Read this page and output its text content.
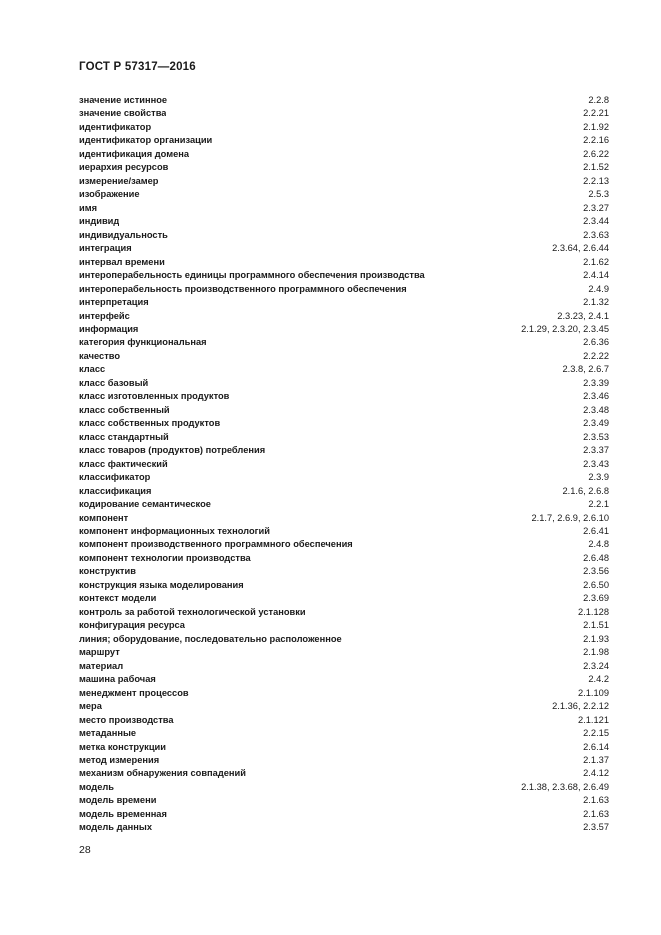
ГОСТ Р 57317—2016
значение истинное	2.2.8
значение свойства	2.2.21
идентификатор	2.1.92
идентификатор организации	2.2.16
идентификация домена	2.6.22
иерархия ресурсов	2.1.52
измерение/замер	2.2.13
изображение	2.5.3
имя	2.3.27
индивид	2.3.44
индивидуальность	2.3.63
интеграция	2.3.64, 2.6.44
интервал времени	2.1.62
интероперабельность единицы программного обеспечения производства	2.4.14
интероперабельность производственного программного обеспечения	2.4.9
интерпретация	2.1.32
интерфейс	2.3.23, 2.4.1
информация	2.1.29, 2.3.20, 2.3.45
категория функциональная	2.6.36
качество	2.2.22
класс	2.3.8, 2.6.7
класс базовый	2.3.39
класс изготовленных продуктов	2.3.46
класс собственный	2.3.48
класс собственных продуктов	2.3.49
класс стандартный	2.3.53
класс товаров (продуктов) потребления	2.3.37
класс фактический	2.3.43
классификатор	2.3.9
классификация	2.1.6, 2.6.8
кодирование семантическое	2.2.1
компонент	2.1.7, 2.6.9, 2.6.10
компонент информационных технологий	2.6.41
компонент производственного программного обеспечения	2.4.8
компонент технологии производства	2.6.48
конструктив	2.3.56
конструкция языка моделирования	2.6.50
контекст модели	2.3.69
контроль за работой технологической установки	2.1.128
конфигурация ресурса	2.1.51
линия; оборудование, последовательно расположенное	2.1.93
маршрут	2.1.98
материал	2.3.24
машина рабочая	2.4.2
менеджмент процессов	2.1.109
мера	2.1.36, 2.2.12
место производства	2.1.121
метаданные	2.2.15
метка конструкции	2.6.14
метод измерения	2.1.37
механизм обнаружения совпадений	2.4.12
модель	2.1.38, 2.3.68, 2.6.49
модель времени	2.1.63
модель временная	2.1.63
модель данных	2.3.57
28
